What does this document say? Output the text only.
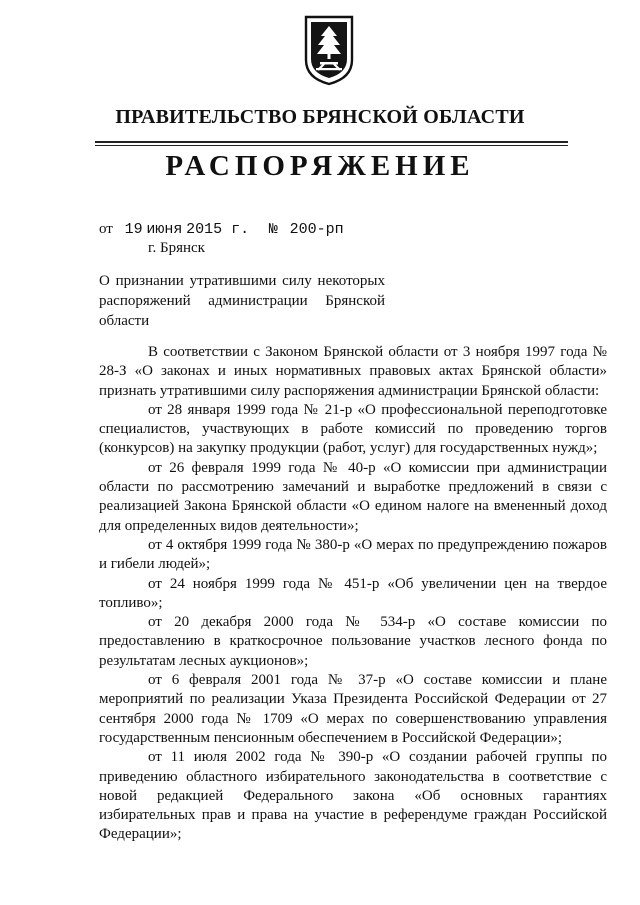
ПРАВИТЕЛЬСТВО БРЯНСКОЙ ОБЛАСТИ
РАСПОРЯЖЕНИЕ
от 19 июня 2015 г. № 200-рп
г. Брянск
О признании утратившими силу некоторых
распоряжений администрации Брянской
области

В соответствии с Законом Брянской области от 3 ноября 1997 года № 28-З «О законах и иных нормативных правовых актах Брянской области» признать утратившими силу распоряжения администрации Брянской области:

от 28 января 1999 года № 21-р «О профессиональной переподготовке специалистов, участвующих в работе комиссий по проведению торгов (конкурсов) на закупку продукции (работ, услуг) для государственных нужд»;

от 26 февраля 1999 года № 40-р «О комиссии при администрации области по рассмотрению замечаний и выработке предложений в связи с реализацией Закона Брянской области «О едином налоге на вмененный доход для определенных видов деятельности»;

от 4 октября 1999 года № 380-р «О мерах по предупреждению пожаров и гибели людей»;

от 24 ноября 1999 года № 451-р «Об увеличении цен на твердое топливо»;

от 20 декабря 2000 года № 534-р «О составе комиссии по предоставлению в краткосрочное пользование участков лесного фонда по результатам лесных аукционов»;

от 6 февраля 2001 года № 37-р «О составе комиссии и плане мероприятий по реализации Указа Президента Российской Федерации от 27 сентября 2000 года № 1709 «О мерах по совершенствованию управления государственным пенсионным обеспечением в Российской Федерации»;

от 11 июля 2002 года № 390-р «О создании рабочей группы по приведению областного избирательного законодательства в соответствие с новой редакцией Федерального закона «Об основных гарантиях избирательных прав и права на участие в референдуме граждан Российской Федерации»;
